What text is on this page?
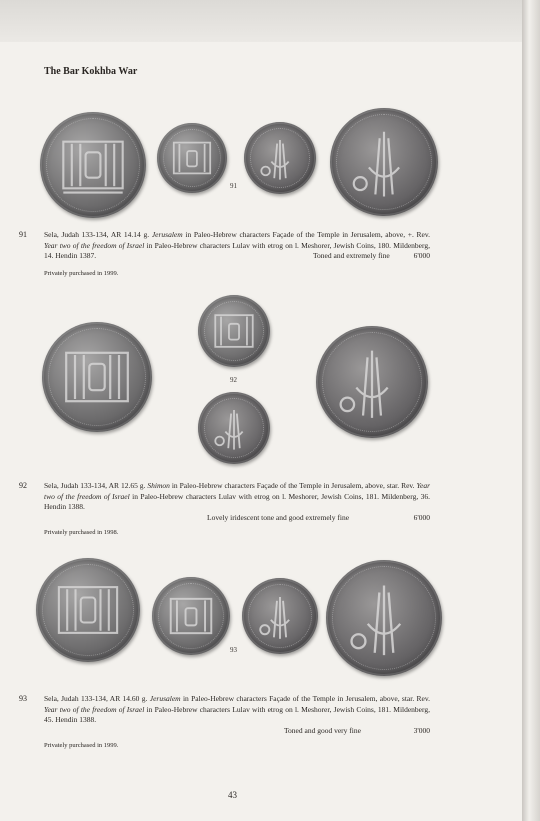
The Bar Kokhba War
91
91 Sela, Judah 133-134, AR 14.14 g. Jerusalem in Paleo-Hebrew characters Façade of the Temple in Jerusalem, above, +. Rev. Year two of the freedom of Israel in Paleo-Hebrew characters Lulav with etrog on l. Meshorer, Jewish Coins, 180. Mildenberg, 14. Hendin 1387.	Toned and extremely fine	6'000
Privately purchased in 1999.
92
92 Sela, Judah 133-134, AR 12.65 g. Shimon in Paleo-Hebrew characters Façade of the Temple in Jerusalem, above, star. Rev. Year two of the freedom of Israel in Paleo-Hebrew characters Lulav with etrog on l. Meshorer, Jewish Coins, 181. Mildenberg, 36. Hendin 1388.
Lovely iridescent tone and good extremely fine	6'000
Privately purchased in 1998.
93
93 Sela, Judah 133-134, AR 14.60 g. Jerusalem in Paleo-Hebrew characters Façade of the Temple in Jerusalem, above, star. Rev. Year two of the freedom of Israel in Paleo-Hebrew characters Lulav with etrog on l. Meshorer, Jewish Coins, 181. Mildenberg, 45. Hendin 1388.
Toned and good very fine	3'000
Privately purchased in 1999.
43
